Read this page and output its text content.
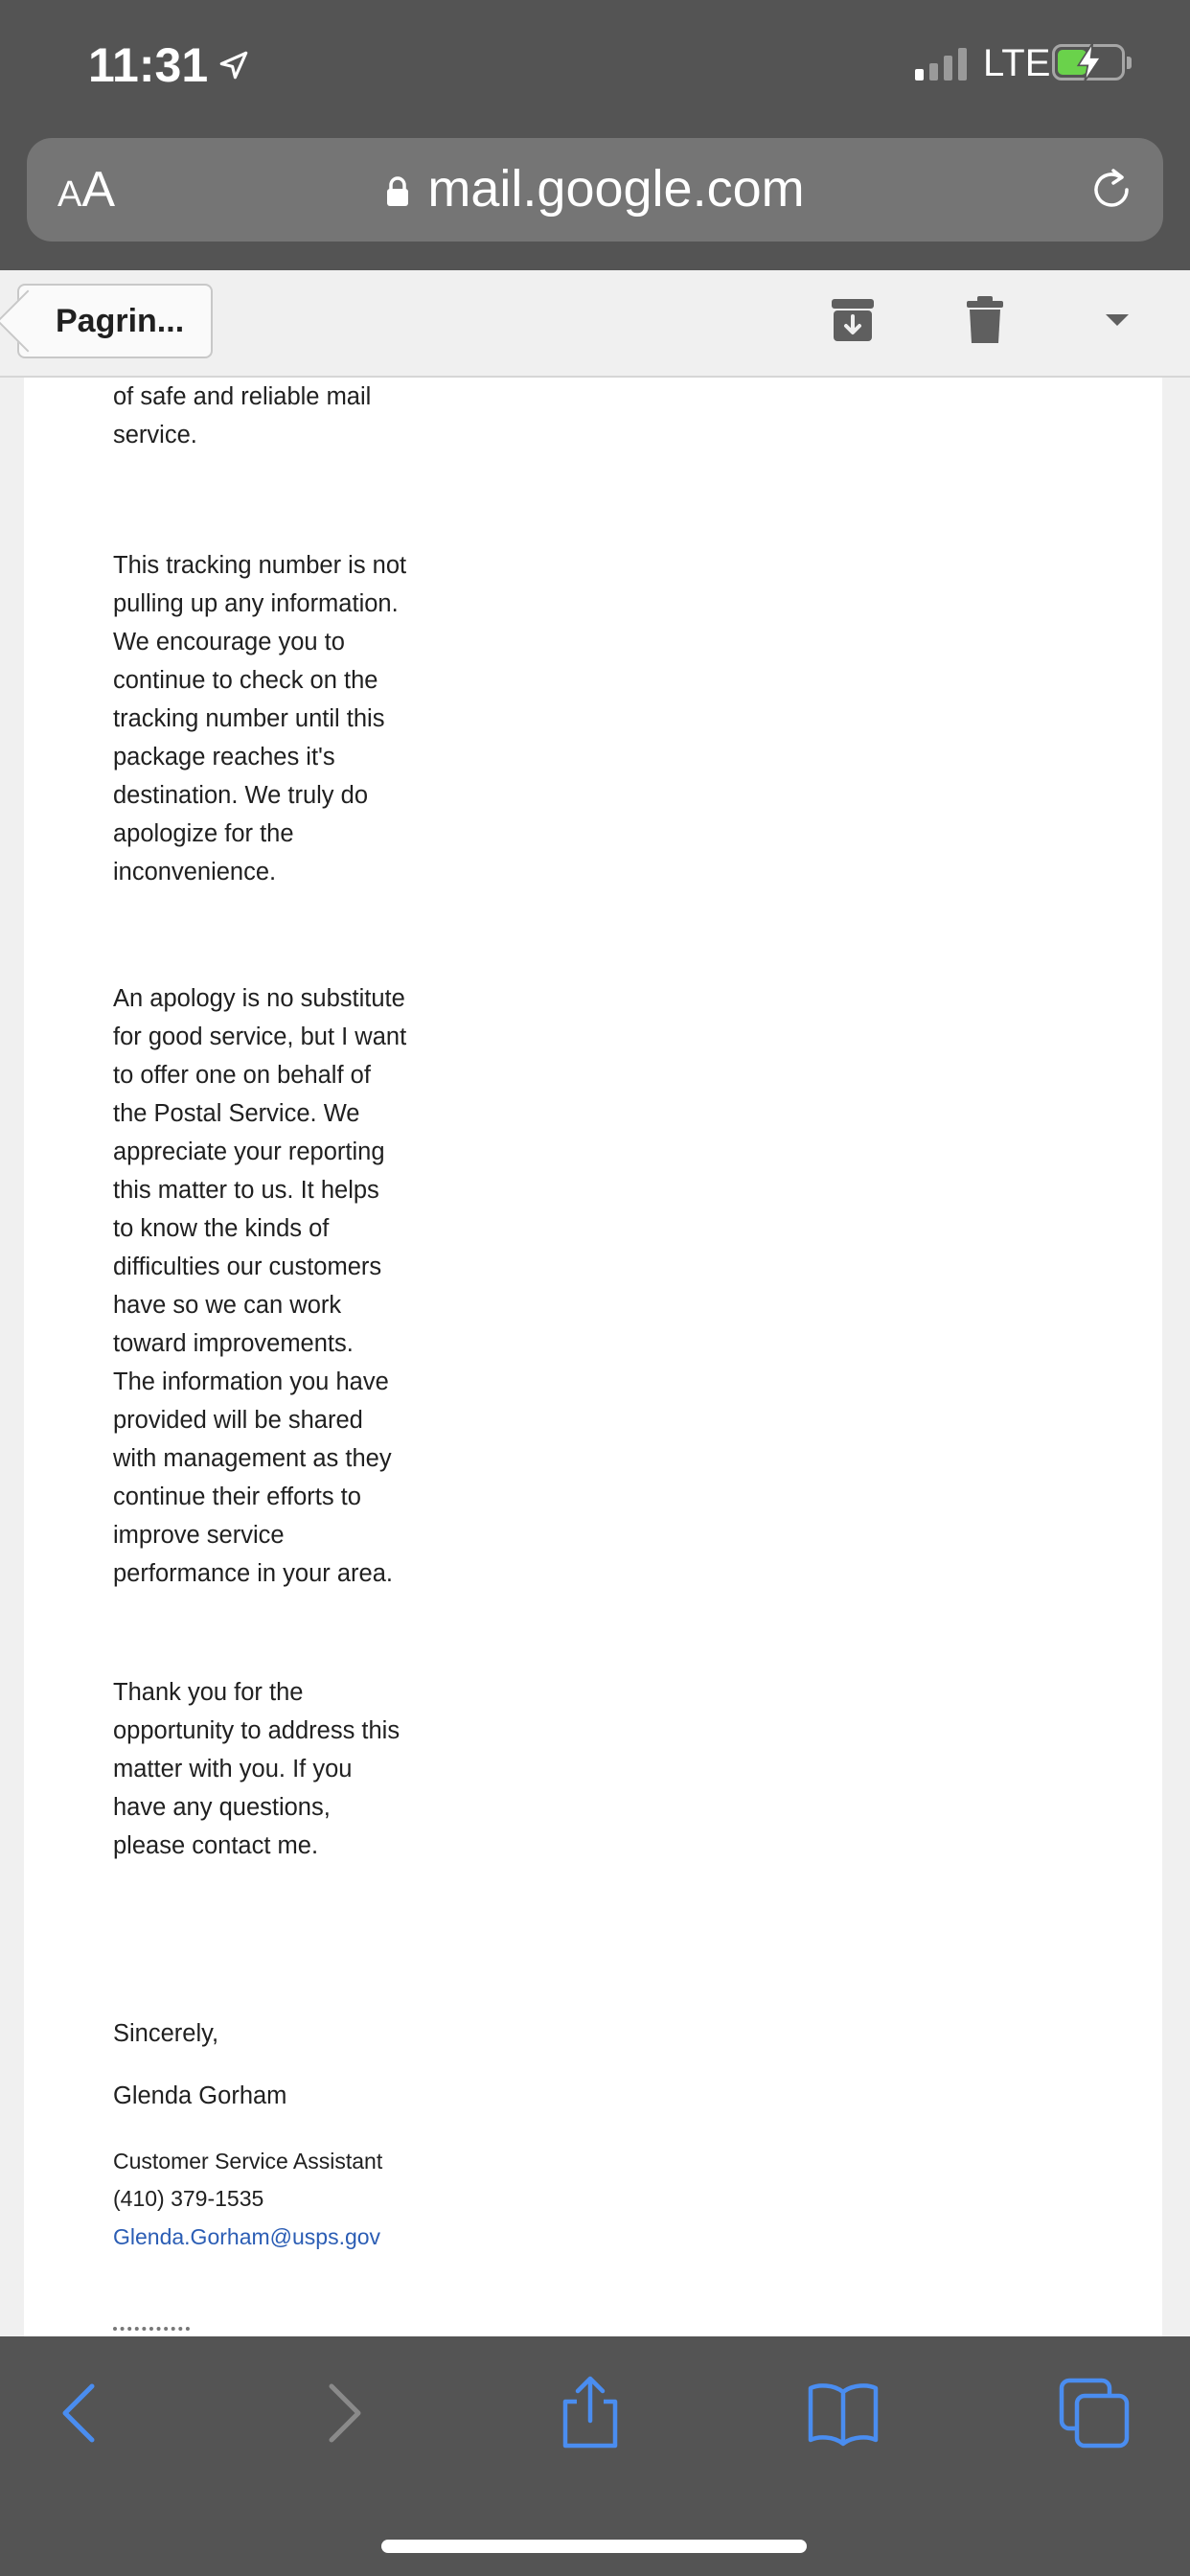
11:31	LTE
AA	mail.google.com
Pagrin...

of safe and reliable mail
service.

This tracking number is not
pulling up any information.
We encourage you to
continue to check on the
tracking number until this
package reaches it's
destination. We truly do
apologize for the
inconvenience.

An apology is no substitute
for good service, but I want
to offer one on behalf of
the Postal Service. We
appreciate your reporting
this matter to us. It helps
to know the kinds of
difficulties our customers
have so we can work
toward improvements.
The information you have
provided will be shared
with management as they
continue their efforts to
improve service
performance in your area.

Thank you for the
opportunity to address this
matter with you. If you
have any questions,
please contact me.

Sincerely,
Glenda Gorham
Customer Service Assistant
(410) 379-1535
Glenda.Gorham@usps.gov
